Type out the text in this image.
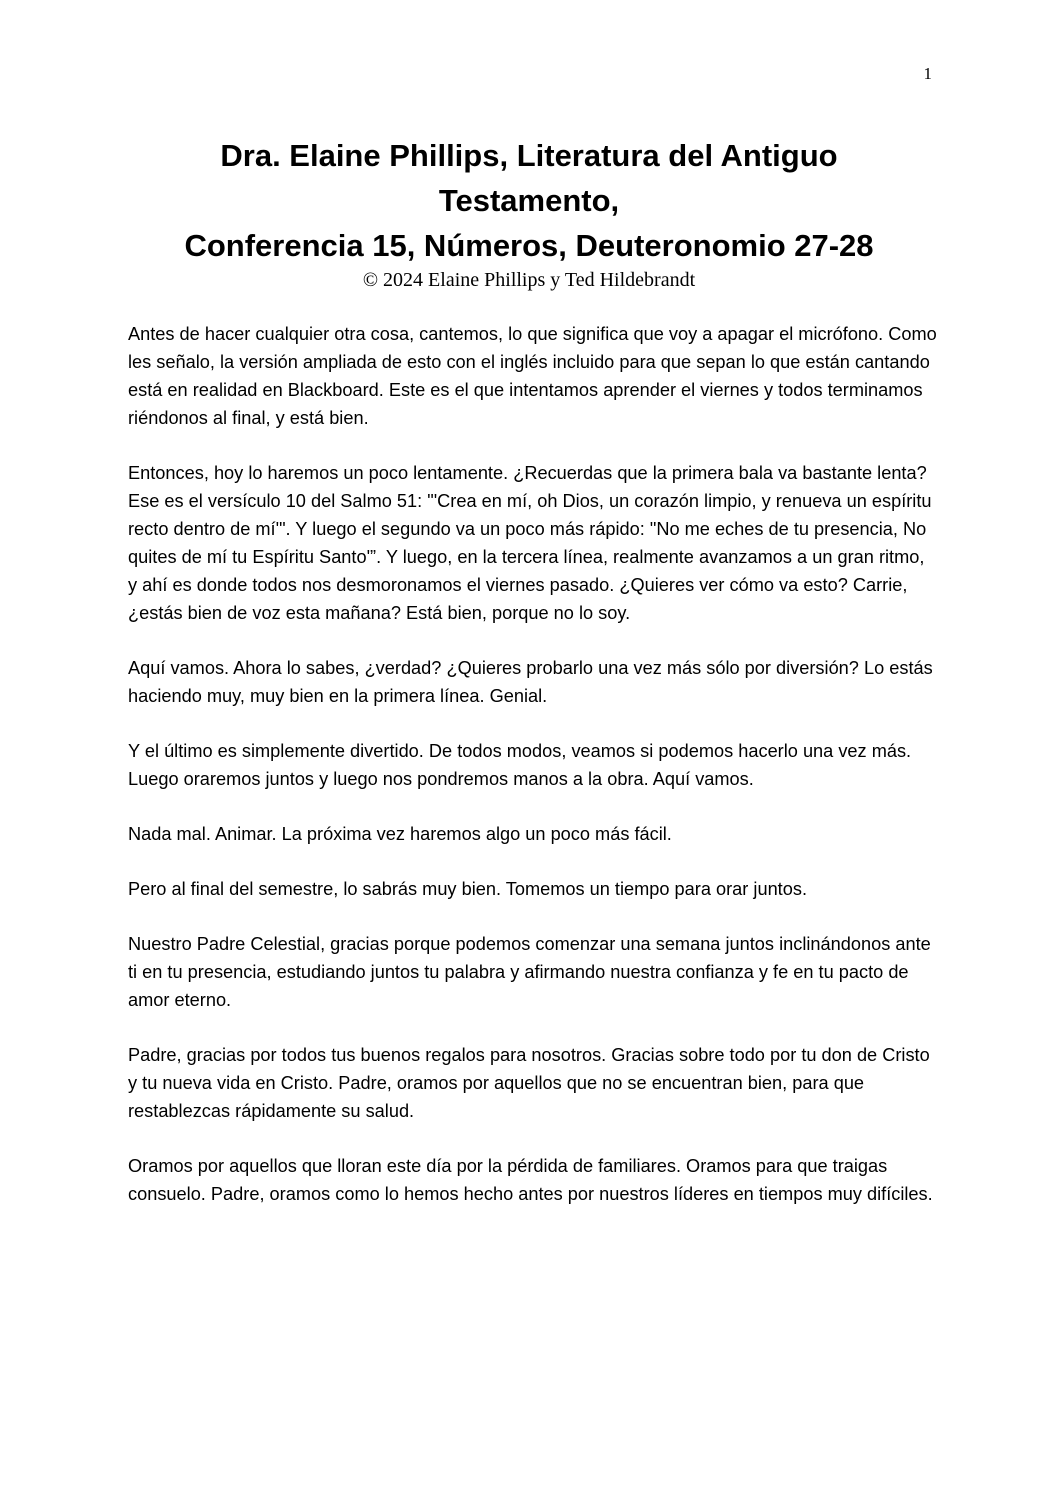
1
Dra. Elaine Phillips, Literatura del Antiguo
Testamento,
Conferencia 15, Números, Deuteronomio 27-28
© 2024 Elaine Phillips y Ted Hildebrandt

Antes de hacer cualquier otra cosa, cantemos, lo que significa que voy a apagar el micrófono. Como les señalo, la versión ampliada de esto con el inglés incluido para que sepan lo que están cantando está en realidad en Blackboard. Este es el que intentamos aprender el viernes y todos terminamos riéndonos al final, y está bien.

Entonces, hoy lo haremos un poco lentamente. ¿Recuerdas que la primera bala va bastante lenta? Ese es el versículo 10 del Salmo 51: "'Crea en mí, oh Dios, un corazón limpio, y renueva un espíritu recto dentro de mí'". Y luego el segundo va un poco más rápido: "No me eches de tu presencia, No quites de mí tu Espíritu Santo'”. Y luego, en la tercera línea, realmente avanzamos a un gran ritmo, y ahí es donde todos nos desmoronamos el viernes pasado. ¿Quieres ver cómo va esto? Carrie, ¿estás bien de voz esta mañana? Está bien, porque no lo soy.

Aquí vamos. Ahora lo sabes, ¿verdad? ¿Quieres probarlo una vez más sólo por diversión? Lo estás haciendo muy, muy bien en la primera línea. Genial.

Y el último es simplemente divertido. De todos modos, veamos si podemos hacerlo una vez más. Luego oraremos juntos y luego nos pondremos manos a la obra. Aquí vamos.

Nada mal. Animar. La próxima vez haremos algo un poco más fácil.

Pero al final del semestre, lo sabrás muy bien. Tomemos un tiempo para orar juntos.

Nuestro Padre Celestial, gracias porque podemos comenzar una semana juntos inclinándonos ante ti en tu presencia, estudiando juntos tu palabra y afirmando nuestra confianza y fe en tu pacto de amor eterno.

Padre, gracias por todos tus buenos regalos para nosotros. Gracias sobre todo por tu don de Cristo y tu nueva vida en Cristo. Padre, oramos por aquellos que no se encuentran bien, para que restablezcas rápidamente su salud.

Oramos por aquellos que lloran este día por la pérdida de familiares. Oramos para que traigas consuelo. Padre, oramos como lo hemos hecho antes por nuestros líderes en tiempos muy difíciles.
